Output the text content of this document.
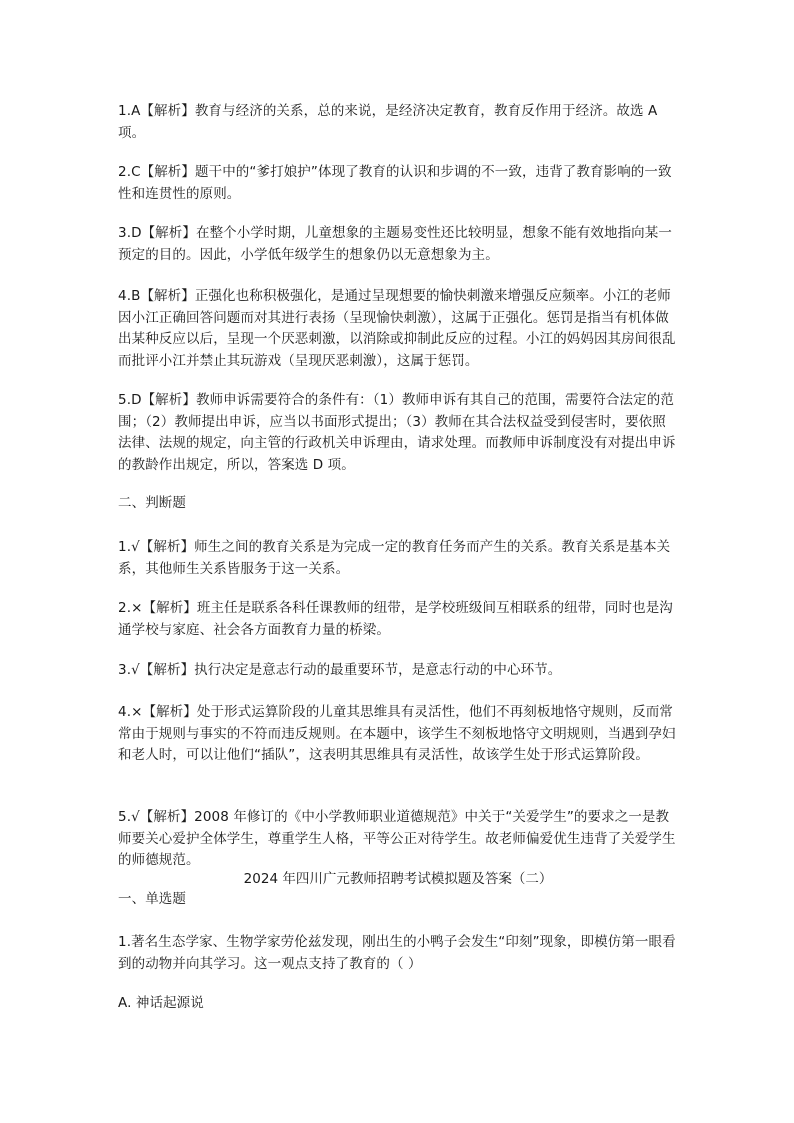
1.A【解析】教育与经济的关系，总的来说，是经济决定教育，教育反作用于经济。故选 A 项。

2.C【解析】题干中的“爹打娘护”体现了教育的认识和步调的不一致，违背了教育影响的一致性和连贯性的原则。

3.D【解析】在整个小学时期，儿童想象的主题易变性还比较明显，想象不能有效地指向某一预定的目的。因此，小学低年级学生的想象仍以无意想象为主。

4.B【解析】正强化也称积极强化，是通过呈现想要的愉快刺激来增强反应频率。小江的老师因小江正确回答问题而对其进行表扬（呈现愉快刺激），这属于正强化。惩罚是指当有机体做出某种反应以后，呈现一个厌恶刺激，以消除或抑制此反应的过程。小江的妈妈因其房间很乱而批评小江并禁止其玩游戏（呈现厌恶刺激），这属于惩罚。

5.D【解析】教师申诉需要符合的条件有：（1）教师申诉有其自己的范围，需要符合法定的范围；（2）教师提出申诉，应当以书面形式提出；（3）教师在其合法权益受到侵害时，要依照法律、法规的规定，向主管的行政机关申诉理由，请求处理。而教师申诉制度没有对提出申诉的教龄作出规定，所以，答案选 D 项。

二、判断题

1.√【解析】师生之间的教育关系是为完成一定的教育任务而产生的关系。教育关系是基本关系，其他师生关系皆服务于这一关系。

2.×【解析】班主任是联系各科任课教师的纽带，是学校班级间互相联系的纽带，同时也是沟通学校与家庭、社会各方面教育力量的桥梁。

3.√【解析】执行决定是意志行动的最重要环节，是意志行动的中心环节。

4.×【解析】处于形式运算阶段的儿童其思维具有灵活性，他们不再刻板地恪守规则，反而常常由于规则与事实的不符而违反规则。在本题中，该学生不刻板地恪守文明规则，当遇到孕妇和老人时，可以让他们“插队”，这表明其思维具有灵活性，故该学生处于形式运算阶段。

5.√【解析】2008 年修订的《中小学教师职业道德规范》中关于“关爱学生”的要求之一是教师要关心爱护全体学生，尊重学生人格，平等公正对待学生。故老师偏爱优生违背了关爱学生的师德规范。

2024 年四川广元教师招聘考试模拟题及答案（二）

一、单选题

1.著名生态学家、生物学家劳伦兹发现，刚出生的小鸭子会发生“印刻”现象，即模仿第一眼看到的动物并向其学习。这一观点支持了教育的（ ）

A. 神话起源说
